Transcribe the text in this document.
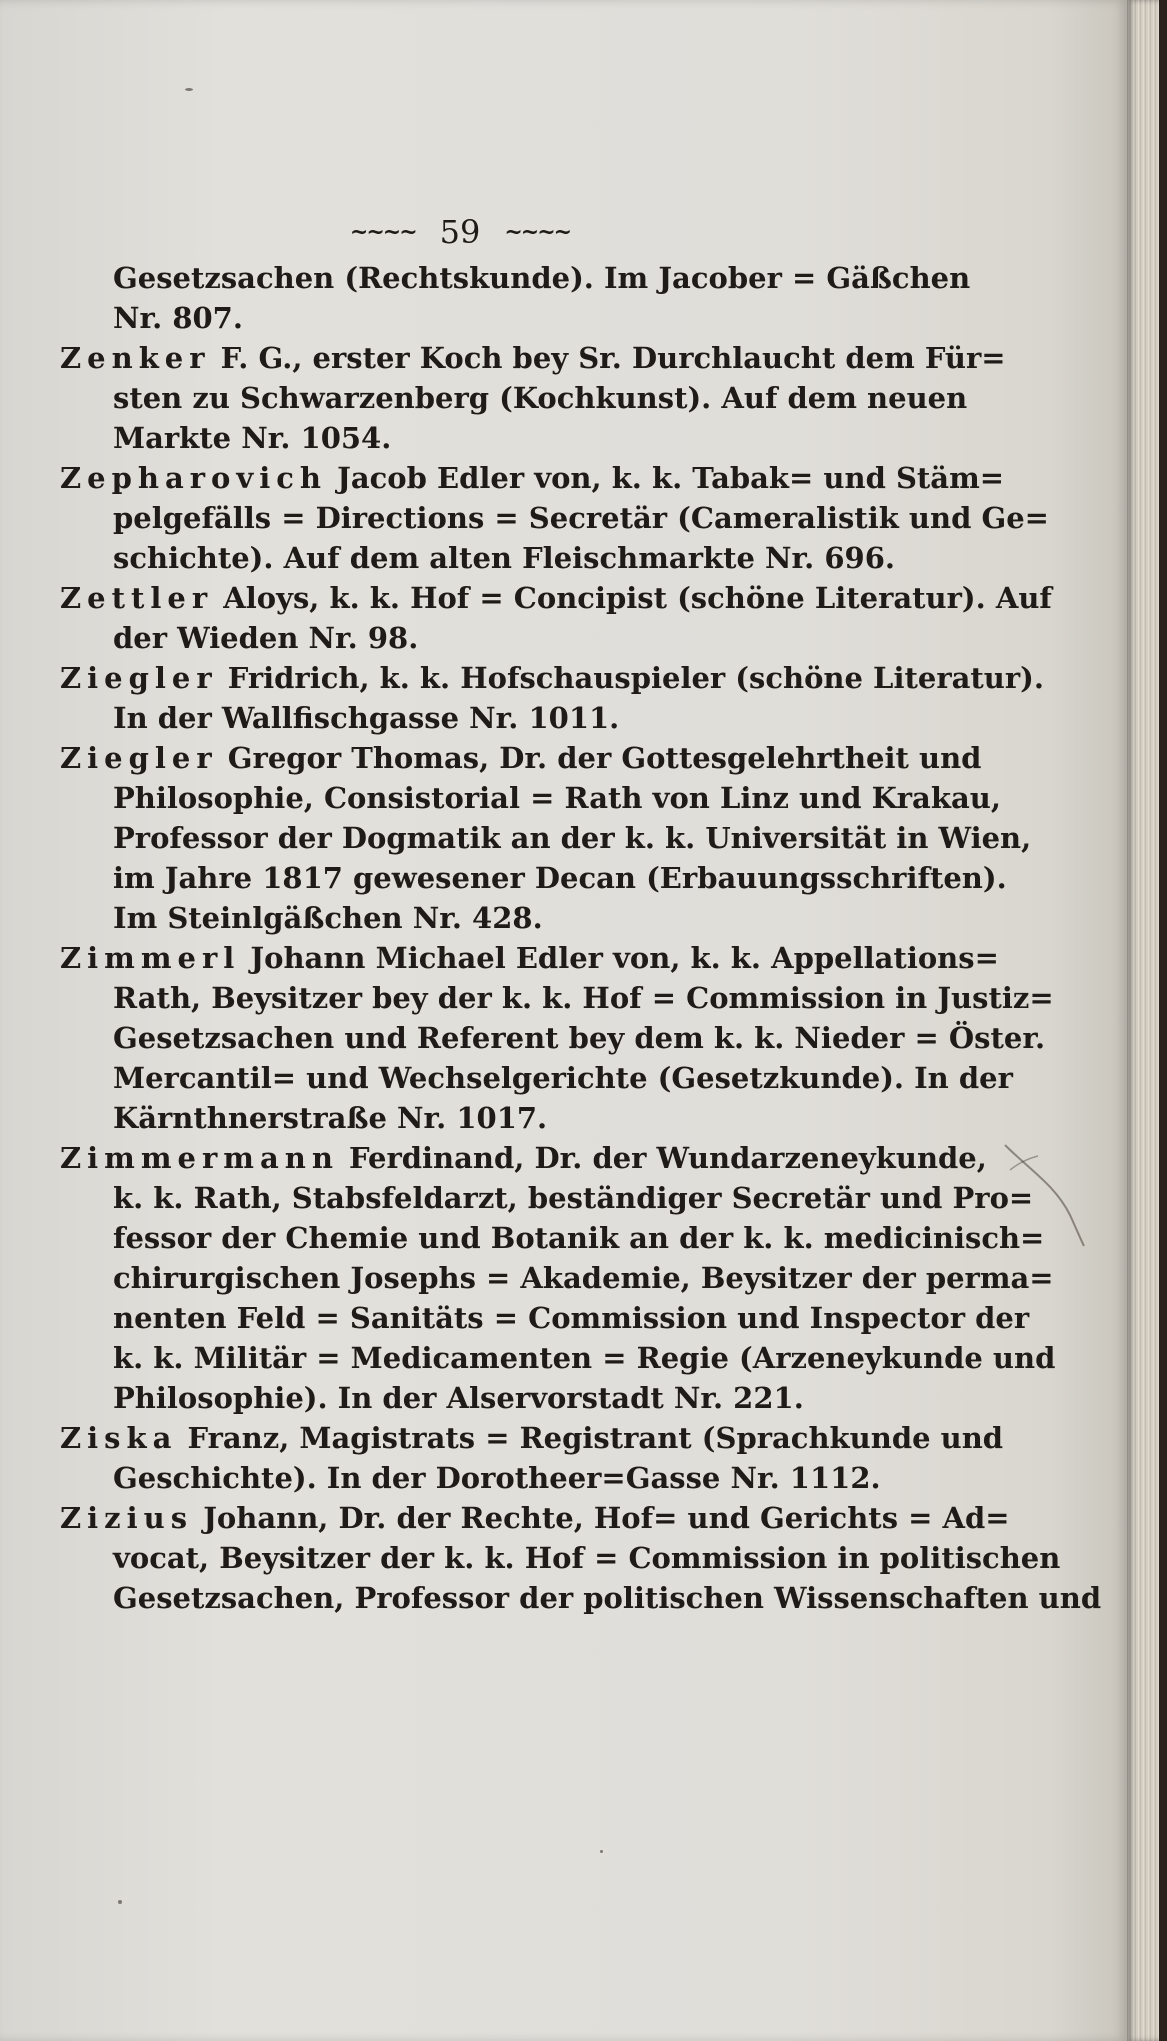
~~~~ 59 ~~~~
Gesetzsachen (Rechtskunde). Im Jacober = Gäßchen
Nr. 807.
Zenker F. G., erster Koch bey Sr. Durchlaucht dem Für=
sten zu Schwarzenberg (Kochkunst). Auf dem neuen
Markte Nr. 1054.
Zepharovich Jacob Edler von, k. k. Tabak= und Stäm=
pelgefälls = Directions = Secretär (Cameralistik und Ge=
schichte). Auf dem alten Fleischmarkte Nr. 696.
Zettler Aloys, k. k. Hof = Concipist (schöne Literatur). Auf
der Wieden Nr. 98.
Ziegler Fridrich, k. k. Hofschauspieler (schöne Literatur).
In der Wallfischgasse Nr. 1011.
Ziegler Gregor Thomas, Dr. der Gottesgelehrtheit und
Philosophie, Consistorial = Rath von Linz und Krakau,
Professor der Dogmatik an der k. k. Universität in Wien,
im Jahre 1817 gewesener Decan (Erbauungsschriften).
Im Steinlgäßchen Nr. 428.
Zimmerl Johann Michael Edler von, k. k. Appellations=
Rath, Beysitzer bey der k. k. Hof = Commission in Justiz=
Gesetzsachen und Referent bey dem k. k. Nieder = Öster.
Mercantil= und Wechselgerichte (Gesetzkunde). In der
Kärnthnerstraße Nr. 1017.
Zimmermann Ferdinand, Dr. der Wundarzeneykunde,
k. k. Rath, Stabsfeldarzt, beständiger Secretär und Pro=
fessor der Chemie und Botanik an der k. k. medicinisch=
chirurgischen Josephs = Akademie, Beysitzer der perma=
nenten Feld = Sanitäts = Commission und Inspector der
k. k. Militär = Medicamenten = Regie (Arzeneykunde und
Philosophie). In der Alservorstadt Nr. 221.
Ziska Franz, Magistrats = Registrant (Sprachkunde und
Geschichte). In der Dorotheer=Gasse Nr. 1112.
Zizius Johann, Dr. der Rechte, Hof= und Gerichts = Ad=
vocat, Beysitzer der k. k. Hof = Commission in politischen
Gesetzsachen, Professor der politischen Wissenschaften und
